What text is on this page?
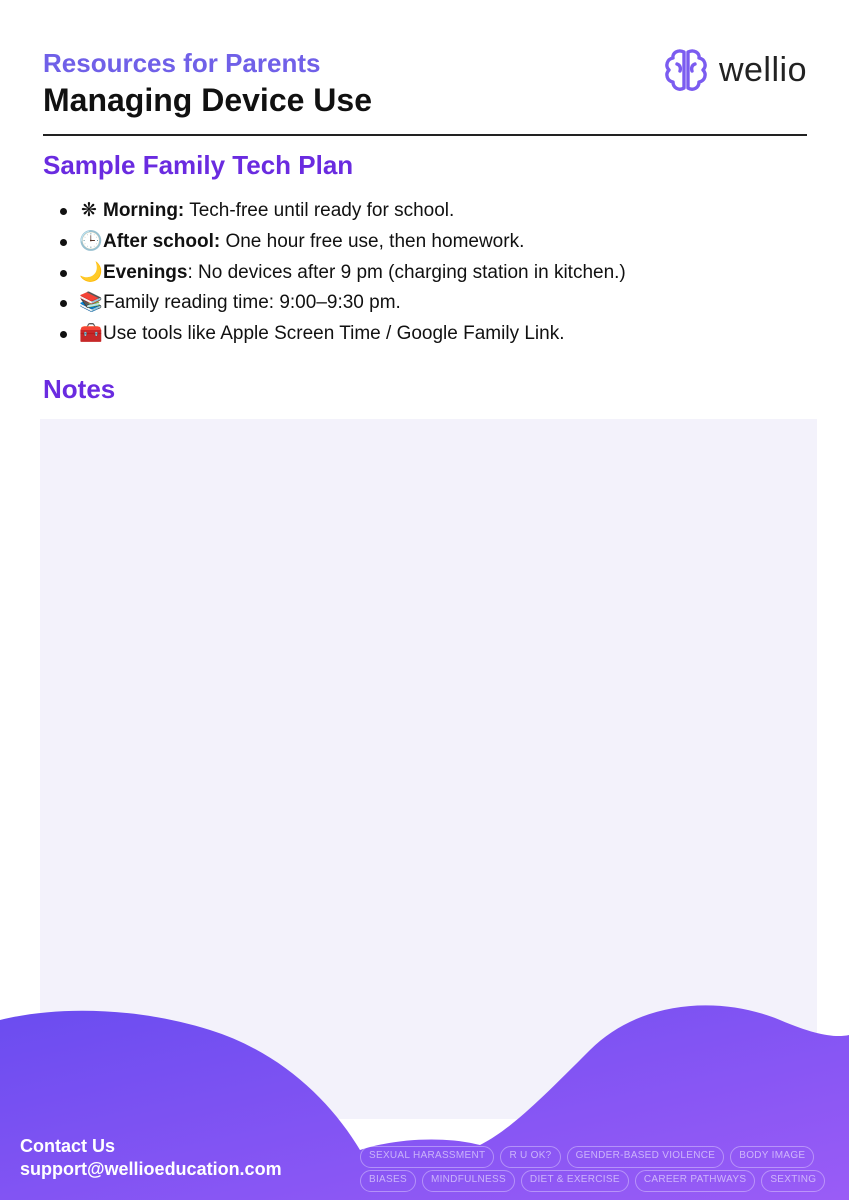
Resources for Parents
Managing Device Use
wellio
Sample Family Tech Plan
❋ Morning: Tech-free until ready for school.
🕒After school: One hour free use, then homework.
🌙Evenings: No devices after 9 pm (charging station in kitchen.)
📚Family reading time: 9:00–9:30 pm.
🧰Use tools like Apple Screen Time / Google Family Link.
Notes
SEXUAL HARASSMENT	R U OK?	GENDER-BASED VIOLENCE	BODY IMAGE
BIASES	MINDFULNESS	DIET & EXERCISE	CAREER PATHWAYS	SEXTING
Contact Us
support@wellioeducation.com
